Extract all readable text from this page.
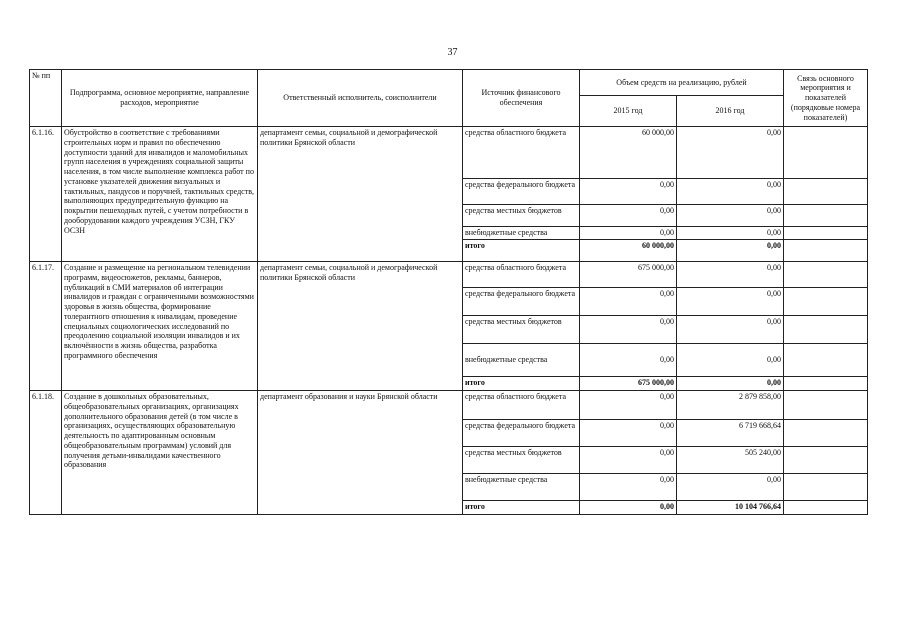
37
№ пп	Подпрограмма, основное мероприятие, направление расходов, мероприятие	Ответственный исполнитель, соисполнители	Источник финансового обеспечения	Объем средств на реализацию, рублей		Связь основного мероприятия и показателей (порядковые номера показателей)
				2015 год	2016 год	
6.1.16.	Обустройство в соответствие с требованиями строительных норм и правил по обеспечению доступности зданий для инвалидов и маломобильных групп населения в учреждениях социальной защиты населения, в том числе выполнение комплекса работ по установке указателей движения визуальных и тактильных, пандусов и поручней, тактильных средств, выполняющих предупредительную функцию на покрытии пешеходных путей, с учетом потребности в дооборудовании каждого учреждения УСЗН, ГКУ ОСЗН	департамент семьи, социальной и демографической политики Брянской области	средства областного бюджета	60 000,00	0,00	
			средства федерального бюджета	0,00	0,00	
			средства местных бюджетов	0,00	0,00	
			внебюджетные средства	0,00	0,00	
			итого	60 000,00	0,00	
6.1.17.	Создание и размещение на региональном телевидении программ, видеосюжетов, рекламы, баннеров, публикаций в СМИ материалов об интеграции инвалидов и граждан с ограниченными возможностями здоровья в жизнь общества, формирование толерантного отношения к инвалидам, проведение специальных социологических исследований по преодолению социальной изоляции инвалидов и их включённости в жизнь общества, разработка программного обеспечения	департамент семьи, социальной и демографической политики Брянской области	средства областного бюджета	675 000,00	0,00	
			средства федерального бюджета	0,00	0,00	
			средства местных бюджетов	0,00	0,00	
			внебюджетные средства	0,00	0,00	
			итого	675 000,00	0,00	
6.1.18.	Создание в дошкольных образовательных, общеобразовательных организациях, организациях дополнительного образования детей (в том числе в организациях, осуществляющих образовательную деятельность по адаптированным основным общеобразовательным программам) условий для получения детьми-инвалидами качественного образования	департамент образования и науки Брянской области	средства областного бюджета	0,00	2 879 858,00	
			средства федерального бюджета	0,00	6 719 668,64	
			средства местных бюджетов	0,00	505 240,00	
			внебюджетные средства	0,00	0,00	
			итого	0,00	10 104 766,64	
